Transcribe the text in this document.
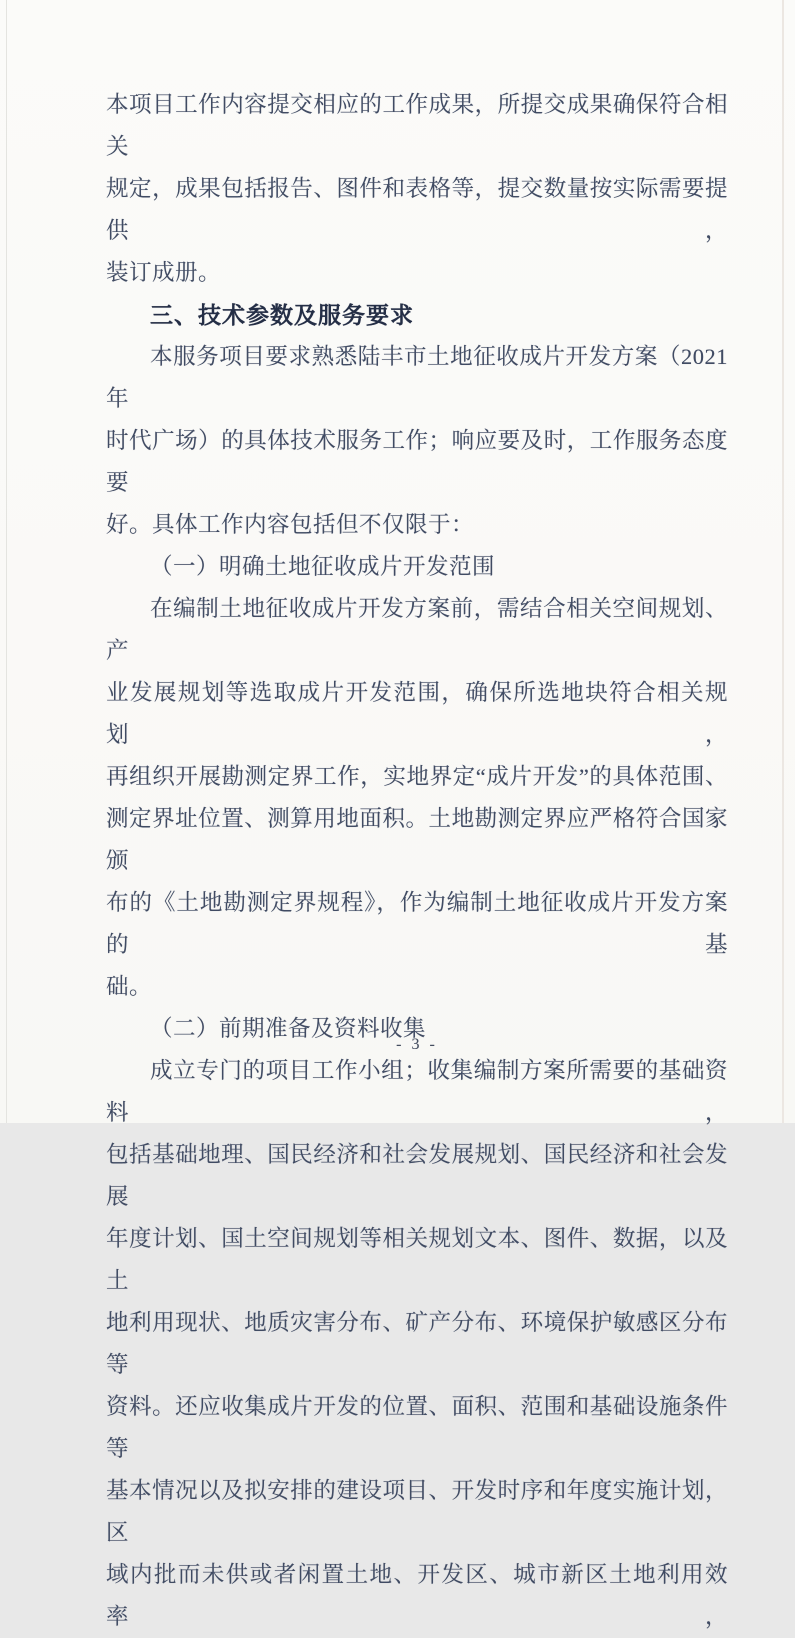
本项目工作内容提交相应的工作成果，所提交成果确保符合相关
规定，成果包括报告、图件和表格等，提交数量按实际需要提供，
装订成册。
三、技术参数及服务要求
本服务项目要求熟悉陆丰市土地征收成片开发方案（2021 年
时代广场）的具体技术服务工作；响应要及时，工作服务态度要
好。具体工作内容包括但不仅限于：
（一）明确土地征收成片开发范围
在编制土地征收成片开发方案前，需结合相关空间规划、产
业发展规划等选取成片开发范围，确保所选地块符合相关规划，
再组织开展勘测定界工作，实地界定“成片开发”的具体范围、
测定界址位置、测算用地面积。土地勘测定界应严格符合国家颁
布的《土地勘测定界规程》，作为编制土地征收成片开发方案的基
础。
（二）前期准备及资料收集
成立专门的项目工作小组；收集编制方案所需要的基础资料，
包括基础地理、国民经济和社会发展规划、国民经济和社会发展
年度计划、国土空间规划等相关规划文本、图件、数据，以及土
地利用现状、地质灾害分布、矿产分布、环境保护敏感区分布等
资料。还应收集成片开发的位置、面积、范围和基础设施条件等
基本情况以及拟安排的建设项目、开发时序和年度实施计划，区
域内批而未供或者闲置土地、开发区、城市新区土地利用效率，
- 3 -
